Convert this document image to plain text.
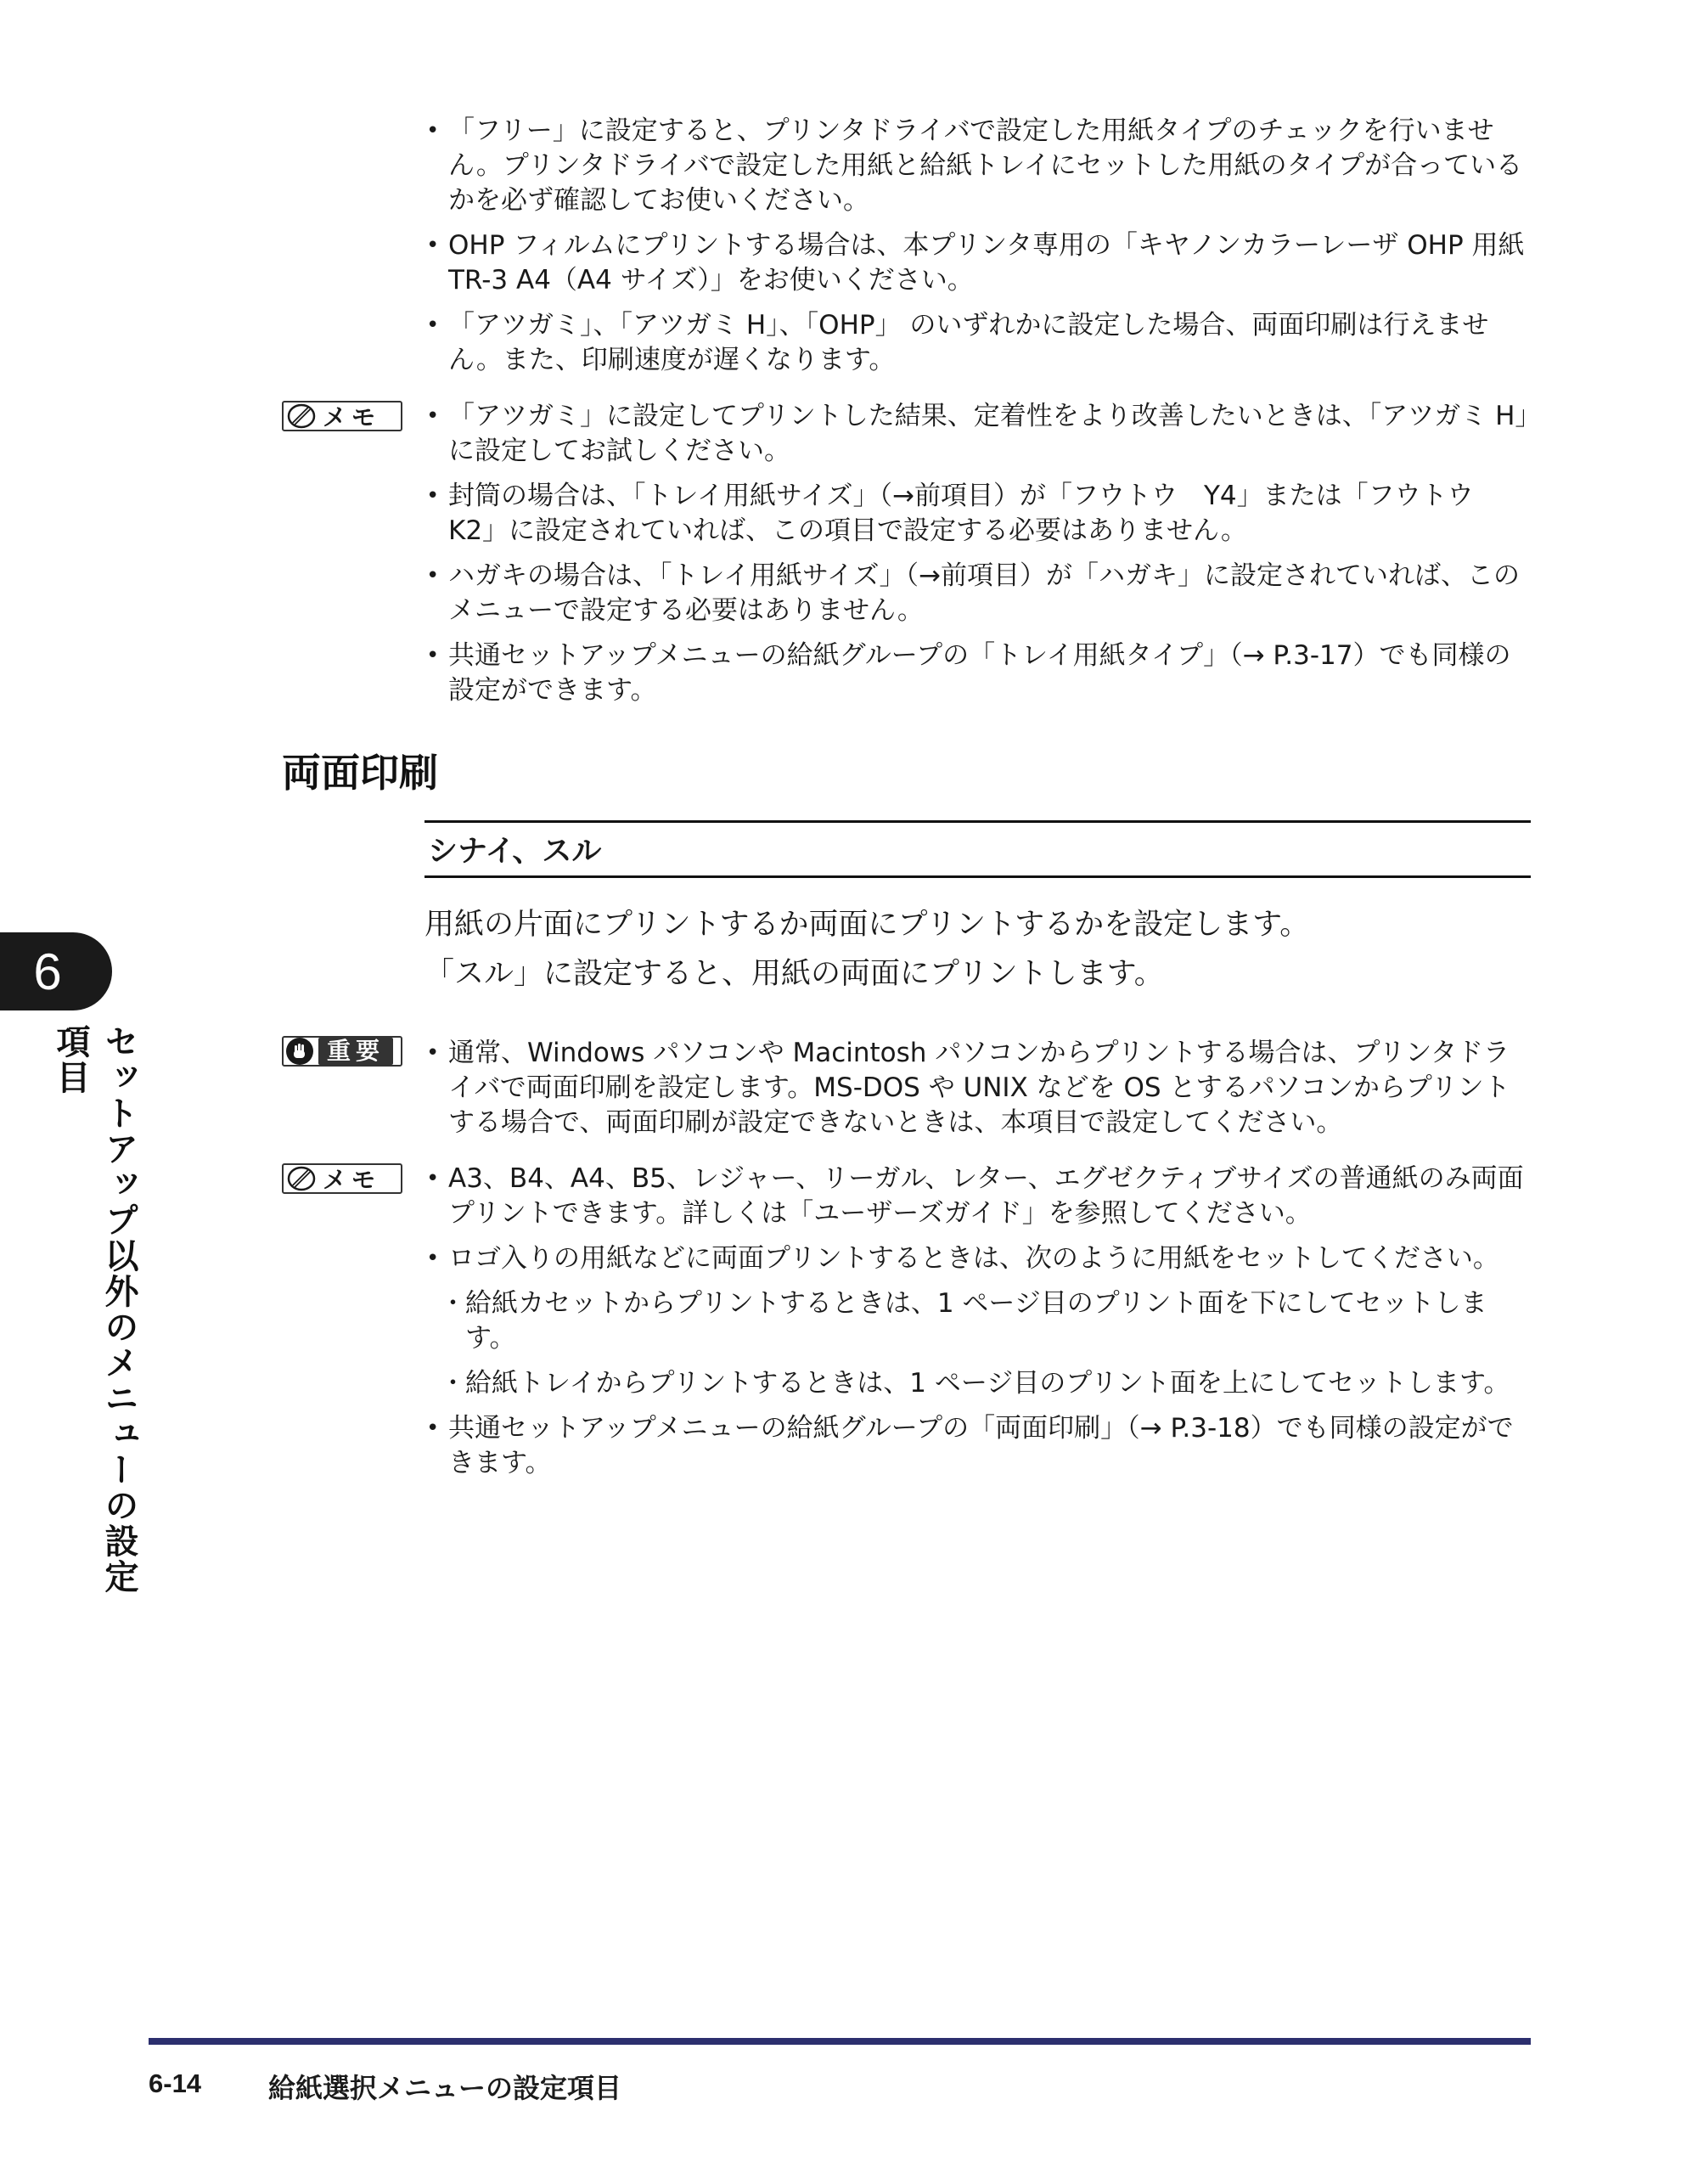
• 「フリー」に設定すると、プリンタドライバで設定した用紙タイプのチェックを行いません。プリンタドライバで設定した用紙と給紙トレイにセットした用紙のタイプが合っているかを必ず確認してお使いください。
• OHP フィルムにプリントする場合は、本プリンタ専用の「キヤノンカラーレーザ OHP 用紙 TR-3 A4（A4 サイズ）」をお使いください。
• 「アツガミ」、「アツガミ H」、「OHP」 のいずれかに設定した場合、両面印刷は行えません。また、印刷速度が遅くなります。
メモ	• 「アツガミ」に設定してプリントした結果、定着性をより改善したいときは、「アツガミ H」に設定してお試しください。
• 封筒の場合は、「トレイ用紙サイズ」（→前項目）が「フウトウ　Y4」または「フウトウ　K2」に設定されていれば、この項目で設定する必要はありません。
• ハガキの場合は、「トレイ用紙サイズ」（→前項目）が「ハガキ」に設定されていれば、このメニューで設定する必要はありません。
• 共通セットアップメニューの給紙グループの「トレイ用紙タイプ」（→ P.3-17）でも同様の設定ができます。
両面印刷
シナイ、スル

用紙の片面にプリントするか両面にプリントするかを設定します。

「スル」に設定すると、用紙の両面にプリントします。

重要	• 通常、Windows パソコンや Macintosh パソコンからプリントする場合は、プリンタドライバで両面印刷を設定します。MS-DOS や UNIX などを OS とするパソコンからプリントする場合で、両面印刷が設定できないときは、本項目で設定してください。
メモ	• A3、B4、A4、B5、レジャー、リーガル、レター、エグゼクティブサイズの普通紙のみ両面プリントできます。詳しくは「ユーザーズガイド」を参照してください。
• ロゴ入りの用紙などに両面プリントするときは、次のように用紙をセットしてください。
･ 給紙カセットからプリントするときは、1 ページ目のプリント面を下にしてセットします。
･ 給紙トレイからプリントするときは、1 ページ目のプリント面を上にしてセットします。
• 共通セットアップメニューの給紙グループの「両面印刷」（→ P.3-18）でも同様の設定ができます。
6
セットアップ以外のメニューの設定項目
6-14 給紙選択メニューの設定項目
